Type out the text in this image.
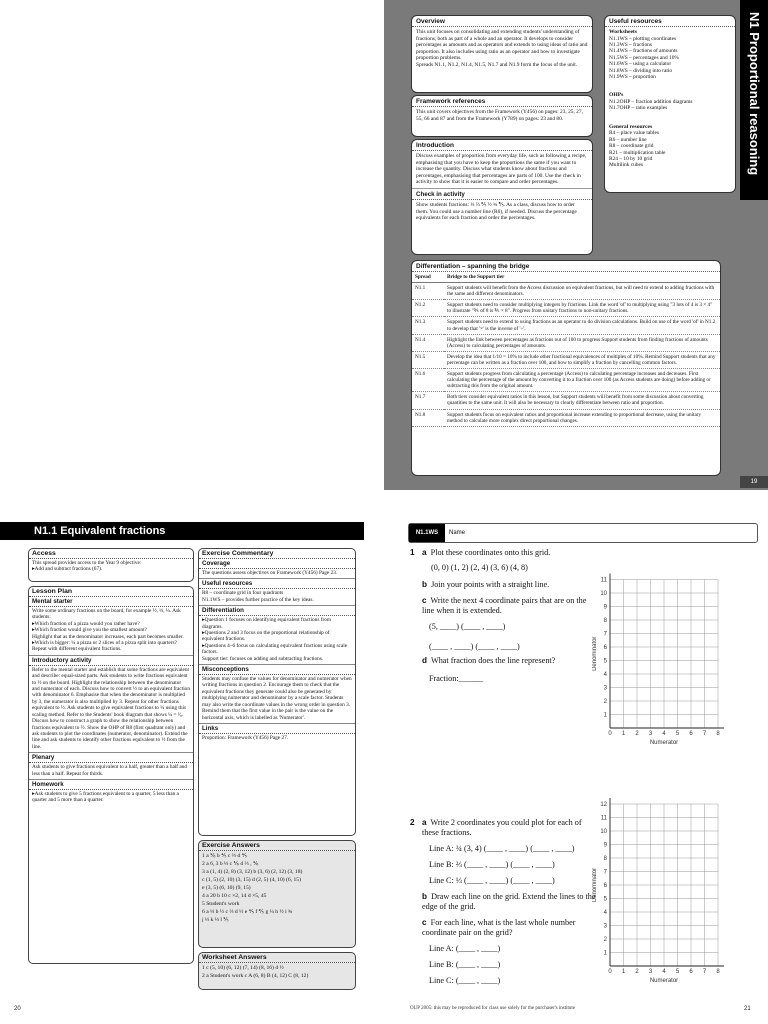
Overview

This unit focuses on consolidating and extending students' understanding of fractions, both as part of a whole and an operator. It develops to consider percentages as amounts and as operators and extends to using ideas of ratio and proportion. It also includes using ratio as an operator and how to investigate proportion problems.

Spreads N1.1, N1.2, N1.4, N1.5, N1.7 and N1.9 form the focus of the unit.

Framework references
This unit covers objectives from the Framework (Y456) on pages: 23, 25, 27, 55, 66 and 87 and from the Framework (Y789) on pages: 23 and 80.
Introduction
Discuss examples of proportion from everyday life, such as following a recipe, emphasising that you have to keep the proportions the same if you want to increase the quantity. Discuss what students know about fractions and percentages, emphasising that percentages are parts of 100. Use the check in activity to show that it is easier to compare and order percentages.
Check in activity
Show students fractions: ⅓ ⅔ ⅖ ½ ¾ ⅗. As a class, discuss how to order them. You could use a number line (R6), if needed. Discuss the percentage equivalents for each fraction and order the percentages.
Useful resources
Worksheets
N1.1WS – plotting coordinates
N1.3WS – fractions
N1.4WS – fractions of amounts
N1.5WS – percentages and 10%
N1.6WS – using a calculator
N1.8WS – dividing into ratio
N1.9WS – proportion
OHPs
N1.2OHP – fraction addition diagrams
N1.7OHP – ratio examples
General resources
R4 – place value tables
R6 – number line
R8 – coordinate grid
R21 – multiplication table
R24 – 10 by 10 grid
Multilink cubes	N1 Proportional reasoning
Differentiation – spanning the bridge
Spread	Bridge to the Support tier
N1.1	Support students will benefit from the Access discussion on equivalent fractions, but will need to extend to adding fractions with the same and different denominators.
N1.2	Support students need to consider multiplying integers by fractions. Link the word 'of' to multiplying using "3 lots of 4 is 3 × 4" to illustrate "⅗ of 8 is ⅗ × 8". Progress from unitary fractions to non-unitary fractions.
N1.3	Support students need to extend to using fractions as an operator to do division calculations. Build on use of the word 'of' in N1.2 to develop that '×' is the inverse of '÷'.
N1.4	Highlight the link between percentages as fractions out of 100 to progress Support students from finding fractions of amounts (Access) to calculating percentages of amounts.
N1.5	Develop the idea that 1/10 = 10% to include other fractional equivalences of multiples of 10%. Remind Support students that any percentage can be written as a fraction over 100, and how to simplify a fraction by cancelling common factors.
N1.6	Support students progress from calculating a percentage (Access) to calculating percentage increases and decreases. First calculating the percentage of the amount by converting it to a fraction over 100 (as Access students are doing) before adding or subtracting this from the original amount.
N1.7	Both tiers consider equivalent ratios in this lesson, but Support students will benefit from some discussion about converting quantities to the same unit. It will also be necessary to clearly differentiate between ratio and proportion.
N1.8	Support students focus on equivalent ratios and proportional increase extending to proportional decrease, using the unitary method to calculate more complex direct proportional changes.
19
N1.1 Equivalent fractions
Access
This spread provides access to the Year 9 objective:
▸ Add and subtract fractions (67).
Lesson Plan
Mental starter
Write some ordinary fractions on the board, for example ½, ⅓, ¼. Ask students:
▸ Which fraction of a pizza would you rather have?
▸ Which fraction would give you the smallest amount?
Highlight that as the denominator increases, each part becomes smaller.
▸ Which is bigger: ¼ a pizza or 2 slices of a pizza split into quarters?
Repeat with different equivalent fractions.
Introductory activity
Refer to the mental starter and establish that some fractions are equivalent and describe: equal-sized parts. Ask students to write fractions equivalent to ½ on the board. Highlight the relationship between the denominator and numerator of each. Discuss how to convert ½ to an equivalent fraction with denominator 6. Emphasise that when the denominator is multiplied by 3, the numerator is also multiplied by 3. Repeat for other fractions equivalent to ½. Ask students to give equivalent fractions to ¼ using this scaling method. Refer to the Students' book diagram that shows ¼ = ²⁄₈. Discuss how to construct a graph to show the relationship between fractions equivalent to ½. Show the OHP of R8 (first quadrant only) and ask students to plot the coordinates (numerator, denominator). Extend the line and ask students to identify other fractions equivalent to ½ from the line.
Plenary
Ask students to give fractions equivalent to a half, greater than a half and less than a half. Repeat for thirds.
Homework
▸ Ask students to give 5 fractions equivalent to a quarter, 5 less than a quarter and 5 more than a quarter.
Exercise Commentary
Coverage
The questions assess objectives on Framework (Y456) Page 23.
Useful resources
R8 – coordinate grid in four quadrants
N1.1WS – provides further practice of the key ideas.
Differentiation
▸ Question 1 focuses on identifying equivalent fractions from diagrams.
▸ Questions 2 and 3 focus on the proportional relationship of equivalent fractions.
▸ Questions 4–6 focus on calculating equivalent fractions using scale factors.
Support tier: focuses on adding and subtracting fractions.
Misconceptions
Students may confuse the values for denominator and numerator when writing fractions in question 2. Encourage them to check that the equivalent fractions they generate could also be generated by multiplying numerator and denominator by a scale factor. Students may also write the coordinate values in the wrong order in question 3. Remind them that the first value in the pair is the value on the horizontal axis, which is labelled as 'Numerator'.
Links
Proportion: Framework (Y456) Page 27.
Exercise Answers
1 a ⅙ b ⅘ c ⅔ d ⅘
2 a 6, 3 b ⅓ c ⅙ d ⅔ , ⅙
3 a (1, 4) (2, 8) (3, 12) b (3, 6) (2, 12) (3, 18)
c (1, 5) (2, 10) (3, 15) d (2, 5) (4, 10) (6, 15)
e (3, 5) (6, 10) (9, 15)
4 a 20 b 10 c ×2, 14 d ×5, 45
5 Student's work
6 a ⅓ b ½ c ⅔ d ½ e ⅘ f ⅖ g ¼ h ½ i ¾
j ⅓ k ⅓ l ⅕
Worksheet Answers
1 c (5, 10) (6, 12) (7, 14) (8, 16) d ½
2 a Student's work c A (6, 8) B (4, 12) C (8, 12)
20
N1.1WS	Name
1 a Plot these coordinates onto this grid.
(0, 0) (1, 2) (2, 4) (3, 6) (4, 8)
b Join your points with a straight line.
c Write the next 4 coordinate pairs that are on the line when it is extended.
(5, ____) (____ , ____)
(____ , ____) (____ , ____)
d What fraction does the line represent?
Fraction:______
2 a Write 2 coordinates you could plot for each of these fractions.
Line A: ¾ (3, 4) (____ , ____) (____ , ____)
Line B: ⅔ (____ , ____) (____ , ____)
Line C: ⅓ (____ , ____) (____ , ____)
b Draw each line on the grid. Extend the lines to the edge of the grid.
c For each line, what is the last whole number coordinate pair on the grid?
Line A: (____ , ____)
Line B: (____ , ____)
Line C: (____ , ____)
0 1 2 3 4 5 6 7 8
1
2
3
4
5
6
7
8
9
10
11
Numerator
Denominator
0 1 2 3 4 5 6 7 8
1
2
3
4
5
6
7
8
9
10
11
12
Numerator
Denominator
OUP 2005: this may be reproduced for class use solely for the purchaser's institute	21
